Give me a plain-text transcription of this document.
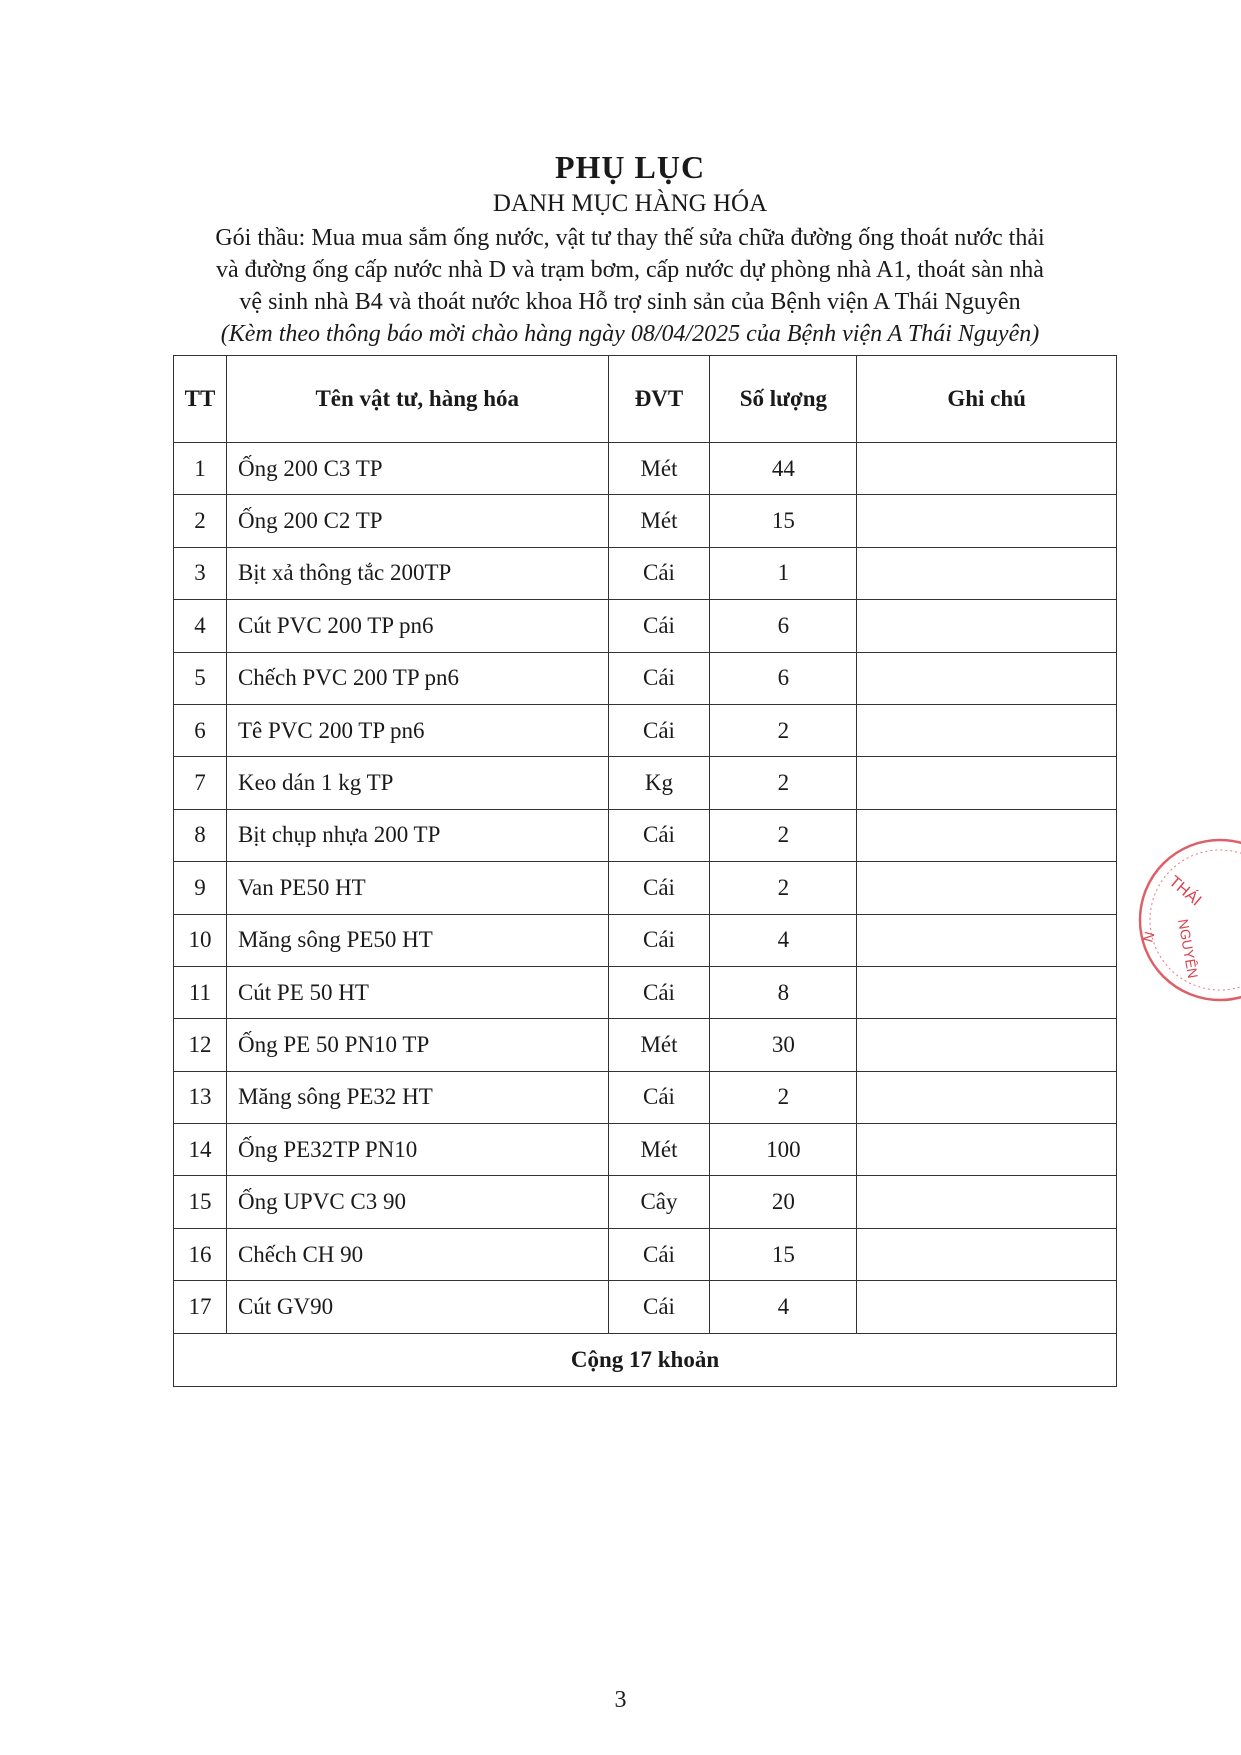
PHỤ LỤC
DANH MỤC HÀNG HÓA
Gói thầu: Mua mua sắm ống nước, vật tư thay thế sửa chữa đường ống thoát nước thải
và đường ống cấp nước nhà D và trạm bơm, cấp nước dự phòng nhà A1, thoát sàn nhà
vệ sinh nhà B4 và thoát nước khoa Hỗ trợ sinh sản của Bệnh viện A Thái Nguyên
(Kèm theo thông báo mời chào hàng ngày 08/04/2025 của Bệnh viện A Thái Nguyên)
TT	Tên vật tư, hàng hóa	ĐVT	Số lượng	Ghi chú
1	Ống 200 C3 TP	Mét	44	
2	Ống 200 C2 TP	Mét	15	
3	Bịt xả thông tắc 200TP	Cái	1	
4	Cút PVC 200 TP pn6	Cái	6	
5	Chếch PVC 200 TP pn6	Cái	6	
6	Tê PVC 200 TP pn6	Cái	2	
7	Keo dán 1 kg TP	Kg	2	
8	Bịt chụp nhựa 200 TP	Cái	2	
9	Van PE50 HT	Cái	2	
10	Măng sông PE50 HT	Cái	4	
11	Cút PE 50 HT	Cái	8	
12	Ống PE 50 PN10 TP	Mét	30	
13	Măng sông PE32 HT	Cái	2	
14	Ống PE32TP PN10	Mét	100	
15	Ống UPVC C3 90	Cây	20	
16	Chếch CH 90	Cái	15	
17	Cút GV90	Cái	4	
Cộng 17 khoản				
THÁI
N NGUYÊN
3
